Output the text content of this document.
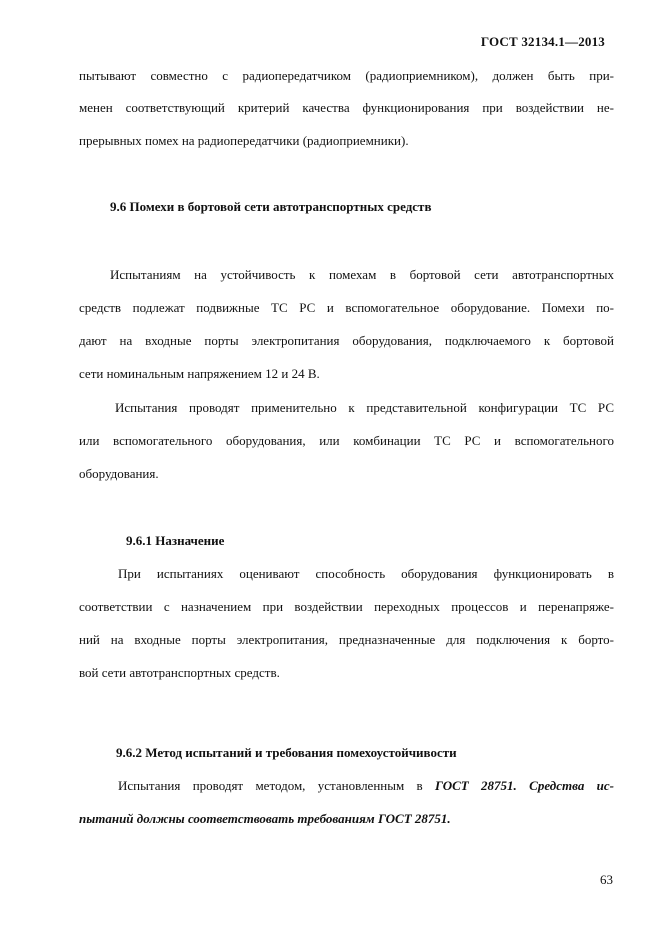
ГОСТ 32134.1—2013
пытывают совместно с радиопередатчиком (радиоприемником), должен быть при-
менен соответствующий критерий качества функционирования при воздействии не-
прерывных помех на радиопередатчики (радиоприемники).
9.6 Помехи в бортовой сети автотранспортных средств
Испытаниям на устойчивость к помехам в бортовой сети автотранспортных
средств подлежат подвижные ТС РС и вспомогательное оборудование. Помехи по-
дают на входные порты электропитания оборудования, подключаемого к бортовой
сети номинальным напряжением 12 и 24 В.
Испытания проводят применительно к представительной конфигурации ТС РС
или вспомогательного оборудования, или комбинации ТС РС и вспомогательного
оборудования.
9.6.1 Назначение
При испытаниях оценивают способность оборудования функционировать в
соответствии с назначением при воздействии переходных процессов и перенапряже-
ний на входные порты электропитания, предназначенные для подключения к борто-
вой сети автотранспортных средств.
9.6.2 Метод испытаний и требования помехоустойчивости
Испытания проводят методом, установленным в ГОСТ 28751. Средства ис-
пытаний должны соответствовать требованиям ГОСТ 28751.
63
